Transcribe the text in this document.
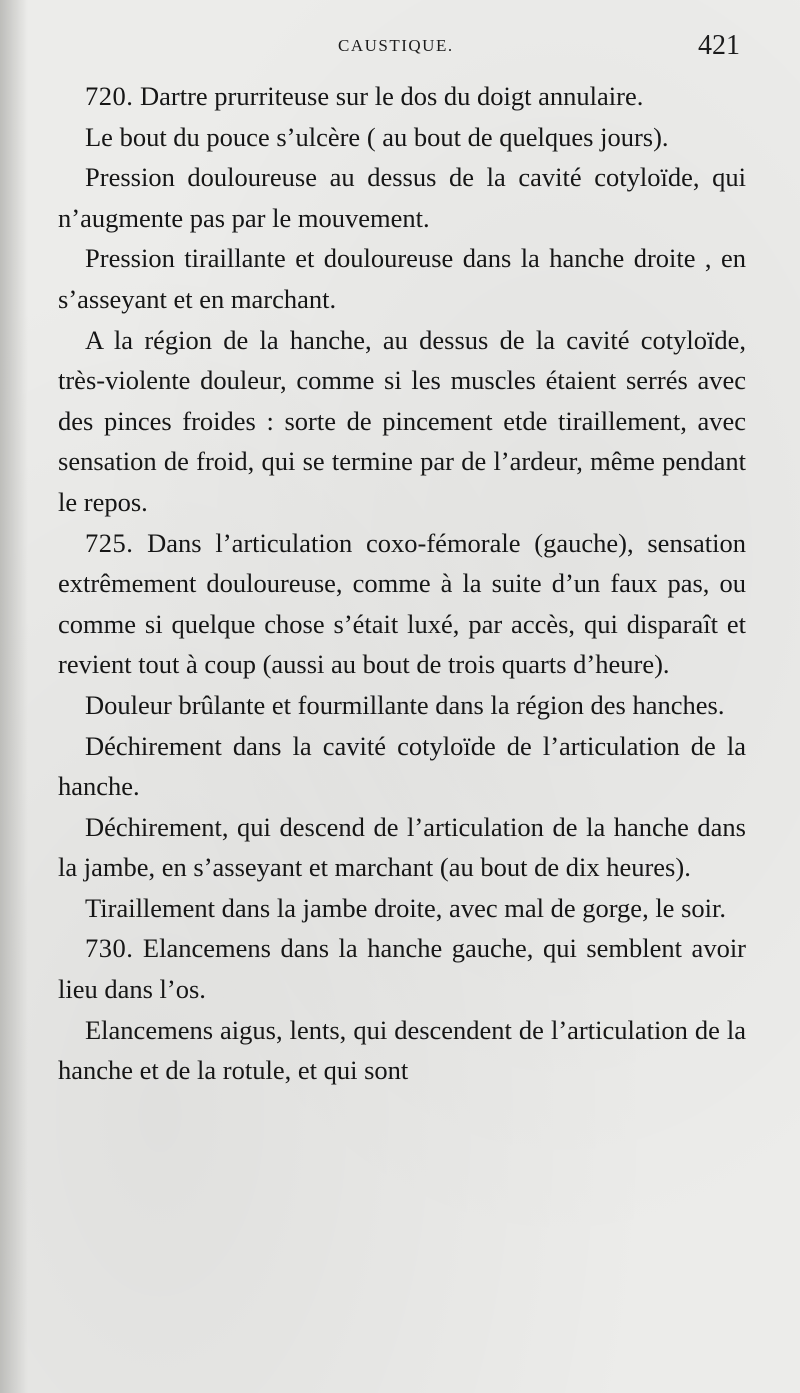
CAUSTIQUE.	421

720. Dartre prurriteuse sur le dos du doigt annulaire.

Le bout du pouce s’ulcère ( au bout de quelques jours).

Pression douloureuse au dessus de la cavité cotyloïde, qui n’augmente pas par le mouvement.

Pression tiraillante et douloureuse dans la hanche droite , en s’asseyant et en marchant.

A la région de la hanche, au dessus de la cavité cotyloïde, très-violente douleur, comme si les muscles étaient serrés avec des pinces froides : sorte de pincement etde tiraillement, avec sensation de froid, qui se termine par de l’ardeur, même pendant le repos.

725. Dans l’articulation coxo-fémorale (gauche), sensation extrêmement douloureuse, comme à la suite d’un faux pas, ou comme si quelque chose s’était luxé, par accès, qui disparaît et revient tout à coup (aussi au bout de trois quarts d’heure).

Douleur brûlante et fourmillante dans la région des hanches.

Déchirement dans la cavité cotyloïde de l’articulation de la hanche.

Déchirement, qui descend de l’articulation de la hanche dans la jambe, en s’asseyant et marchant (au bout de dix heures).

Tiraillement dans la jambe droite, avec mal de gorge, le soir.

730. Elancemens dans la hanche gauche, qui semblent avoir lieu dans l’os.

Elancemens aigus, lents, qui descendent de l’articulation de la hanche et de la rotule, et qui sont
